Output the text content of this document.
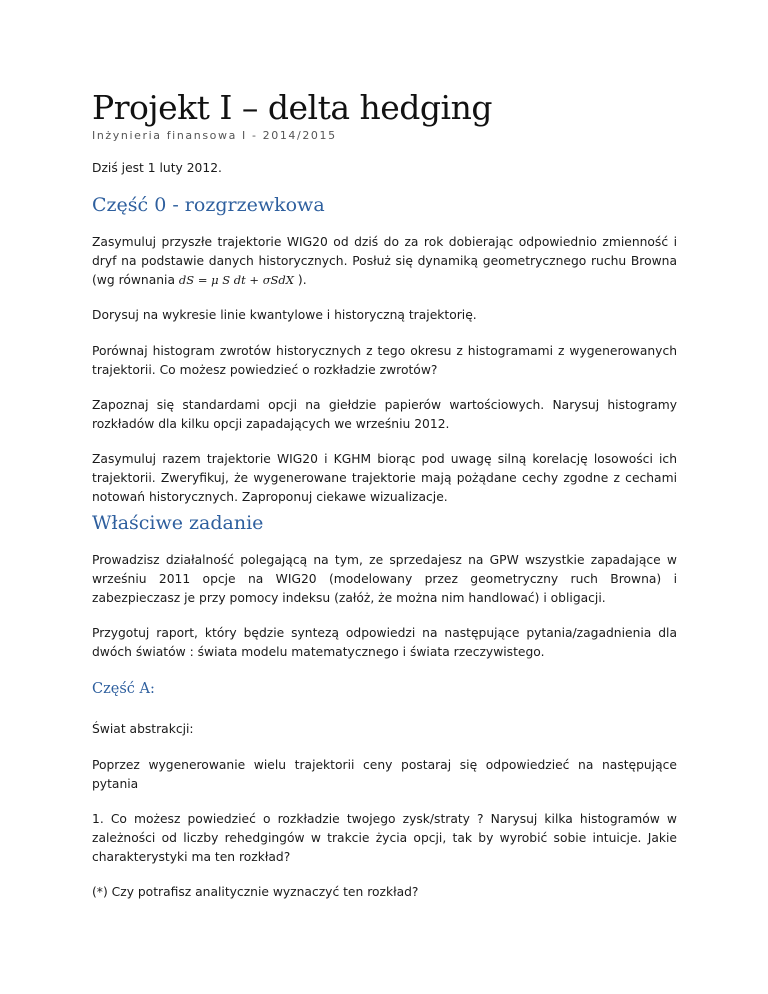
Projekt I – delta hedging
Inżynieria finansowa I - 2014/2015

Dziś jest 1 luty 2012.

Część 0 - rozgrzewkowa

Zasymuluj przyszłe trajektorie WIG20 od dziś do za rok dobierając odpowiednio zmienność i dryf na podstawie danych historycznych. Posłuż się dynamiką geometrycznego ruchu Browna (wg równania dS = μ S dt + σSdX ).

Dorysuj na wykresie linie kwantylowe i historyczną trajektorię.

Porównaj histogram zwrotów historycznych z tego okresu z histogramami z wygenerowanych trajektorii. Co możesz powiedzieć o rozkładzie zwrotów?

Zapoznaj się standardami opcji na giełdzie papierów wartościowych. Narysuj histogramy rozkładów dla kilku opcji zapadających we wrześniu 2012.

Zasymuluj razem trajektorie WIG20 i KGHM biorąc pod uwagę silną korelację losowości ich trajektorii. Zweryfikuj, że wygenerowane trajektorie mają pożądane cechy zgodne z cechami notowań historycznych. Zaproponuj ciekawe wizualizacje.

Właściwe zadanie

Prowadzisz działalność polegającą na tym, ze sprzedajesz na GPW wszystkie zapadające w wrześniu 2011 opcje na WIG20 (modelowany przez geometryczny ruch Browna) i zabezpieczasz je przy pomocy indeksu (załóż, że można nim handlować) i obligacji.

Przygotuj raport, który będzie syntezą odpowiedzi na następujące pytania/zagadnienia dla dwóch światów : świata modelu matematycznego i świata rzeczywistego.

Część A:

Świat abstrakcji:

Poprzez wygenerowanie wielu trajektorii ceny postaraj się odpowiedzieć na następujące pytania

1. Co możesz powiedzieć o rozkładzie twojego zysk/straty ? Narysuj kilka histogramów w zależności od liczby rehedgingów w trakcie życia opcji, tak by wyrobić sobie intuicje. Jakie charakterystyki ma ten rozkład?

(*) Czy potrafisz analitycznie wyznaczyć ten rozkład?
